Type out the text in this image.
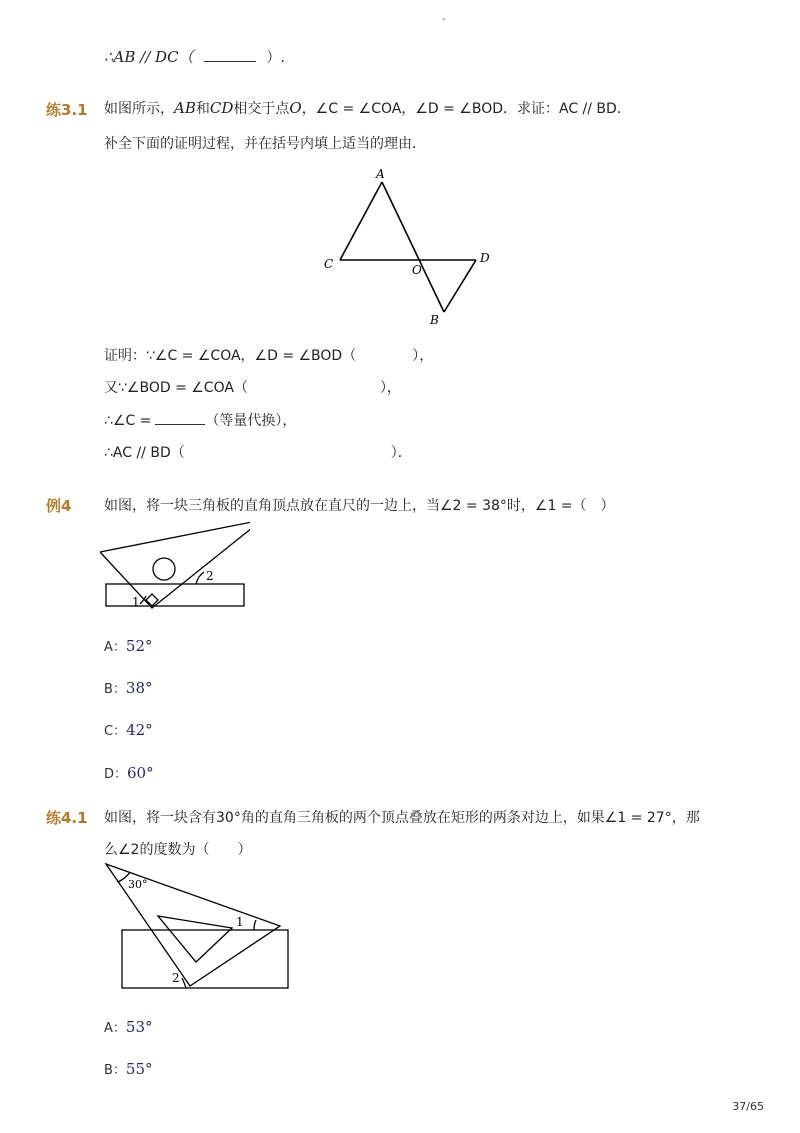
-
∴AB // DC（	）.
练3.1 如图所示，AB和CD相交于点O，∠C = ∠COA，∠D = ∠BOD．求证：AC // BD．
补全下面的证明过程，并在括号内填上适当的理由．
A
C	O
D
B
证明：∵∠C = ∠COA，∠D = ∠BOD（	），
又∵∠BOD = ∠COA（	），
∴∠C =	（等量代换），
∴AC // BD（	）．
例4 如图，将一块三角板的直角顶点放在直尺的一边上，当∠2 = 38°时，∠1 =（　）
2
1
A：52°
B：38°
C：42°
D：60°
练4.1 如图，将一块含有30°角的直角三角板的两个顶点叠放在矩形的两条对边上，如果∠1 = 27°，那
么∠2的度数为（　　）
30°
1
2
A：53°
B：55°
37/65
